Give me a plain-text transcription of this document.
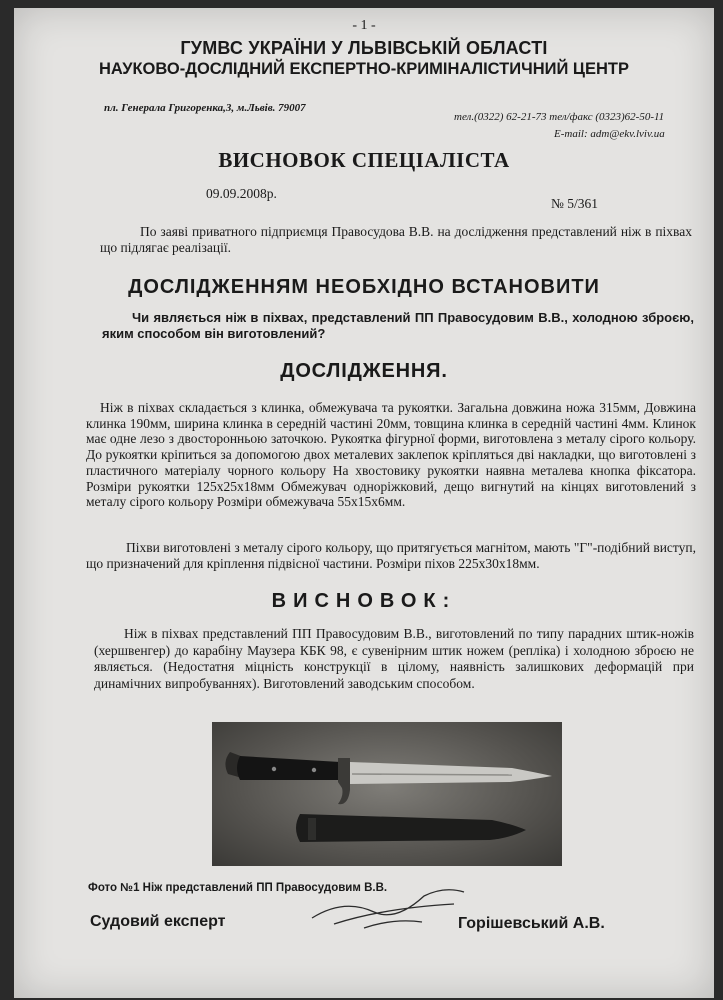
- 1 -
ГУМВС УКРАЇНИ У ЛЬВІВСЬКІЙ ОБЛАСТІ
НАУКОВО-ДОСЛІДНИЙ ЕКСПЕРТНО-КРИМІНАЛІСТИЧНИЙ ЦЕНТР
пл. Генерала Григоренка,3, м.Львів. 79007
тел.(0322) 62-21-73 тел/факс (0323)62-50-11
E-mail: adm@ekv.lviv.ua
ВИСНОВОК СПЕЦІАЛІСТА
09.09.2008р.
№ 5/361
По заяві приватного підприємця Правосудова В.В. на дослідження представлений ніж в піхвах що підлягає реалізації.
ДОСЛІДЖЕННЯМ НЕОБХІДНО ВСТАНОВИТИ
Чи являється ніж в піхвах, представлений ПП Правосудовим В.В., холодною зброєю, яким способом він виготовлений?
ДОСЛІДЖЕННЯ.
Ніж в піхвах складається з клинка, обмежувача та рукоятки. Загальна довжина ножа 315мм, Довжина клинка 190мм, ширина клинка в середній частині 20мм, товщина клинка в середній частині 4мм. Клинок має одне лезо з двосторонньою заточкою. Рукоятка фігурної форми, виготовлена з металу сірого кольору. До рукоятки кріпиться за допомогою двох металевих заклепок кріпляться дві накладки, що виготовлені з пластичного матеріалу чорного кольору На хвостовику рукоятки наявна металева кнопка фіксатора. Розміри рукоятки 125х25х18мм Обмежувач одноріжковий, дещо вигнутий на кінцях виготовлений з металу сірого кольору Розміри обмежувача 55х15х6мм.
Піхви виготовлені з металу сірого кольору, що притягується магнітом, мають "Г"-подібний виступ, що призначений для кріплення підвісної частини. Розміри піхов 225х30х18мм.
ВИСНОВОК:
Ніж в піхвах представлений ПП Правосудовим В.В., виготовлений по типу парадних штик-ножів (хершвенгер) до карабіну Маузера КБК 98, є сувенірним штик ножем (репліка) і холодною зброєю не являється. (Недостатня міцність конструкції в цілому, наявність залишкових деформацій при динамічних випробуваннях). Виготовлений заводським способом.
Фото №1 Ніж представлений ПП Правосудовим В.В.
Судовий експерт	Горішевський А.В.
